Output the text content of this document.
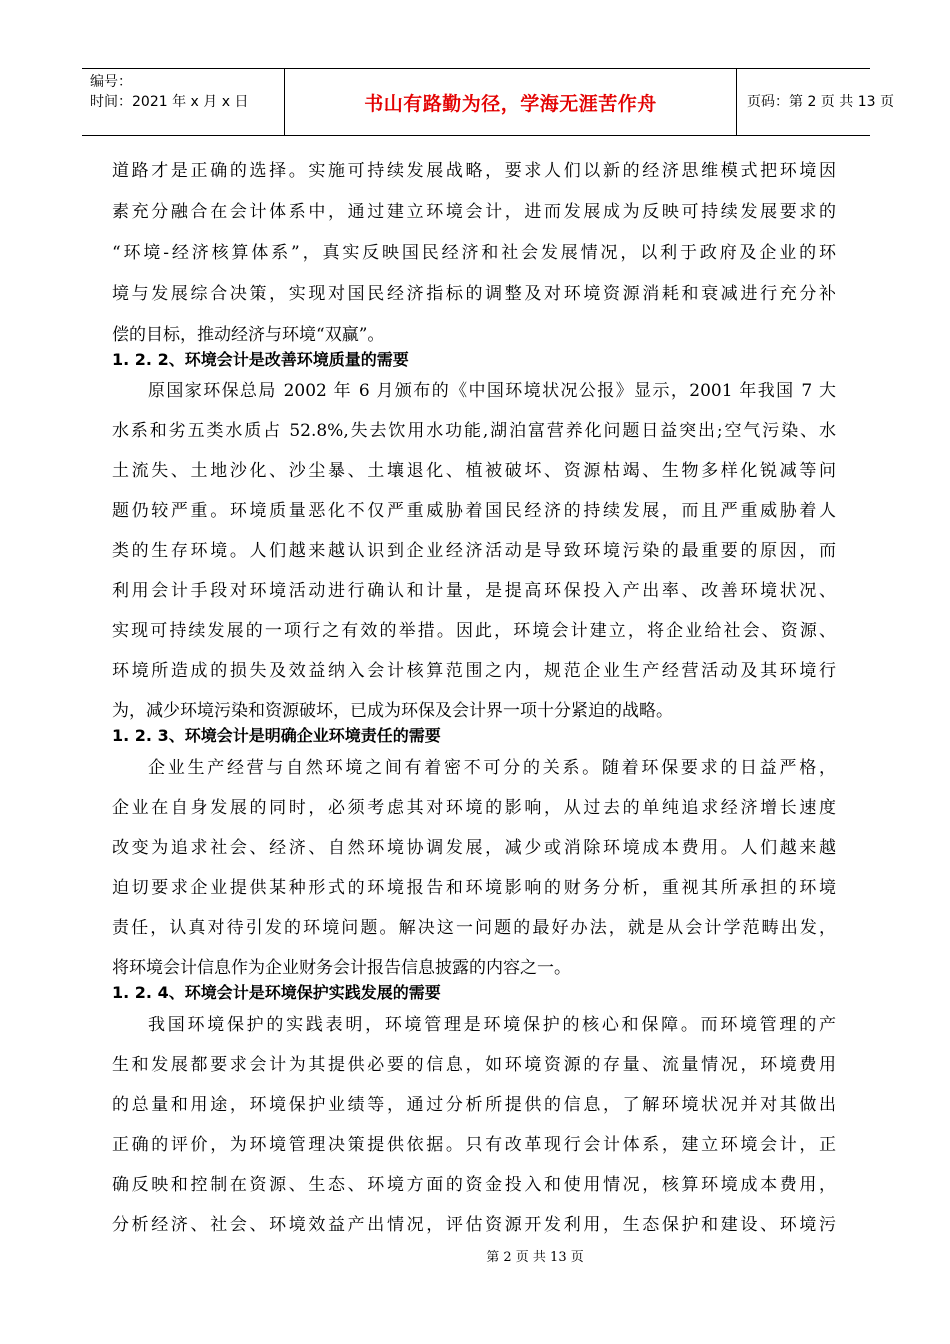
编号：
时间：2021 年 x 月 x 日	书山有路勤为径，学海无涯苦作舟	页码：第 2 页 共 13 页
道路才是正确的选择。实施可持续发展战略，要求人们以新的经济思维模式把环境因
素充分融合在会计体系中，通过建立环境会计，进而发展成为反映可持续发展要求的
“环境-经济核算体系”，真实反映国民经济和社会发展情况，以利于政府及企业的环
境与发展综合决策，实现对国民经济指标的调整及对环境资源消耗和衰减进行充分补
偿的目标，推动经济与环境“双赢”。
1. 2. 2、环境会计是改善环境质量的需要
原国家环保总局 2002 年 6 月颁布的《中国环境状况公报》显示，2001 年我国 7 大
水系和劣五类水质占 52.8%,失去饮用水功能,湖泊富营养化问题日益突出;空气污染、水
土流失、土地沙化、沙尘暴、土壤退化、植被破坏、资源枯竭、生物多样化锐减等问
题仍较严重。环境质量恶化不仅严重威胁着国民经济的持续发展，而且严重威胁着人
类的生存环境。人们越来越认识到企业经济活动是导致环境污染的最重要的原因，而
利用会计手段对环境活动进行确认和计量，是提高环保投入产出率、改善环境状况、
实现可持续发展的一项行之有效的举措。因此，环境会计建立，将企业给社会、资源、
环境所造成的损失及效益纳入会计核算范围之内，规范企业生产经营活动及其环境行
为，减少环境污染和资源破坏，已成为环保及会计界一项十分紧迫的战略。
1. 2. 3、环境会计是明确企业环境责任的需要
企业生产经营与自然环境之间有着密不可分的关系。随着环保要求的日益严格，
企业在自身发展的同时，必须考虑其对环境的影响，从过去的单纯追求经济增长速度
改变为追求社会、经济、自然环境协调发展，减少或消除环境成本费用。人们越来越
迫切要求企业提供某种形式的环境报告和环境影响的财务分析，重视其所承担的环境
责任，认真对待引发的环境问题。解决这一问题的最好办法，就是从会计学范畴出发，
将环境会计信息作为企业财务会计报告信息披露的内容之一。
1. 2. 4、环境会计是环境保护实践发展的需要
我国环境保护的实践表明，环境管理是环境保护的核心和保障。而环境管理的产
生和发展都要求会计为其提供必要的信息，如环境资源的存量、流量情况，环境费用
的总量和用途，环境保护业绩等，通过分析所提供的信息，了解环境状况并对其做出
正确的评价，为环境管理决策提供依据。只有改革现行会计体系，建立环境会计，正
确反映和控制在资源、生态、环境方面的资金投入和使用情况，核算环境成本费用，
分析经济、社会、环境效益产出情况，评估资源开发利用，生态保护和建设、环境污
第 2 页 共 13 页
